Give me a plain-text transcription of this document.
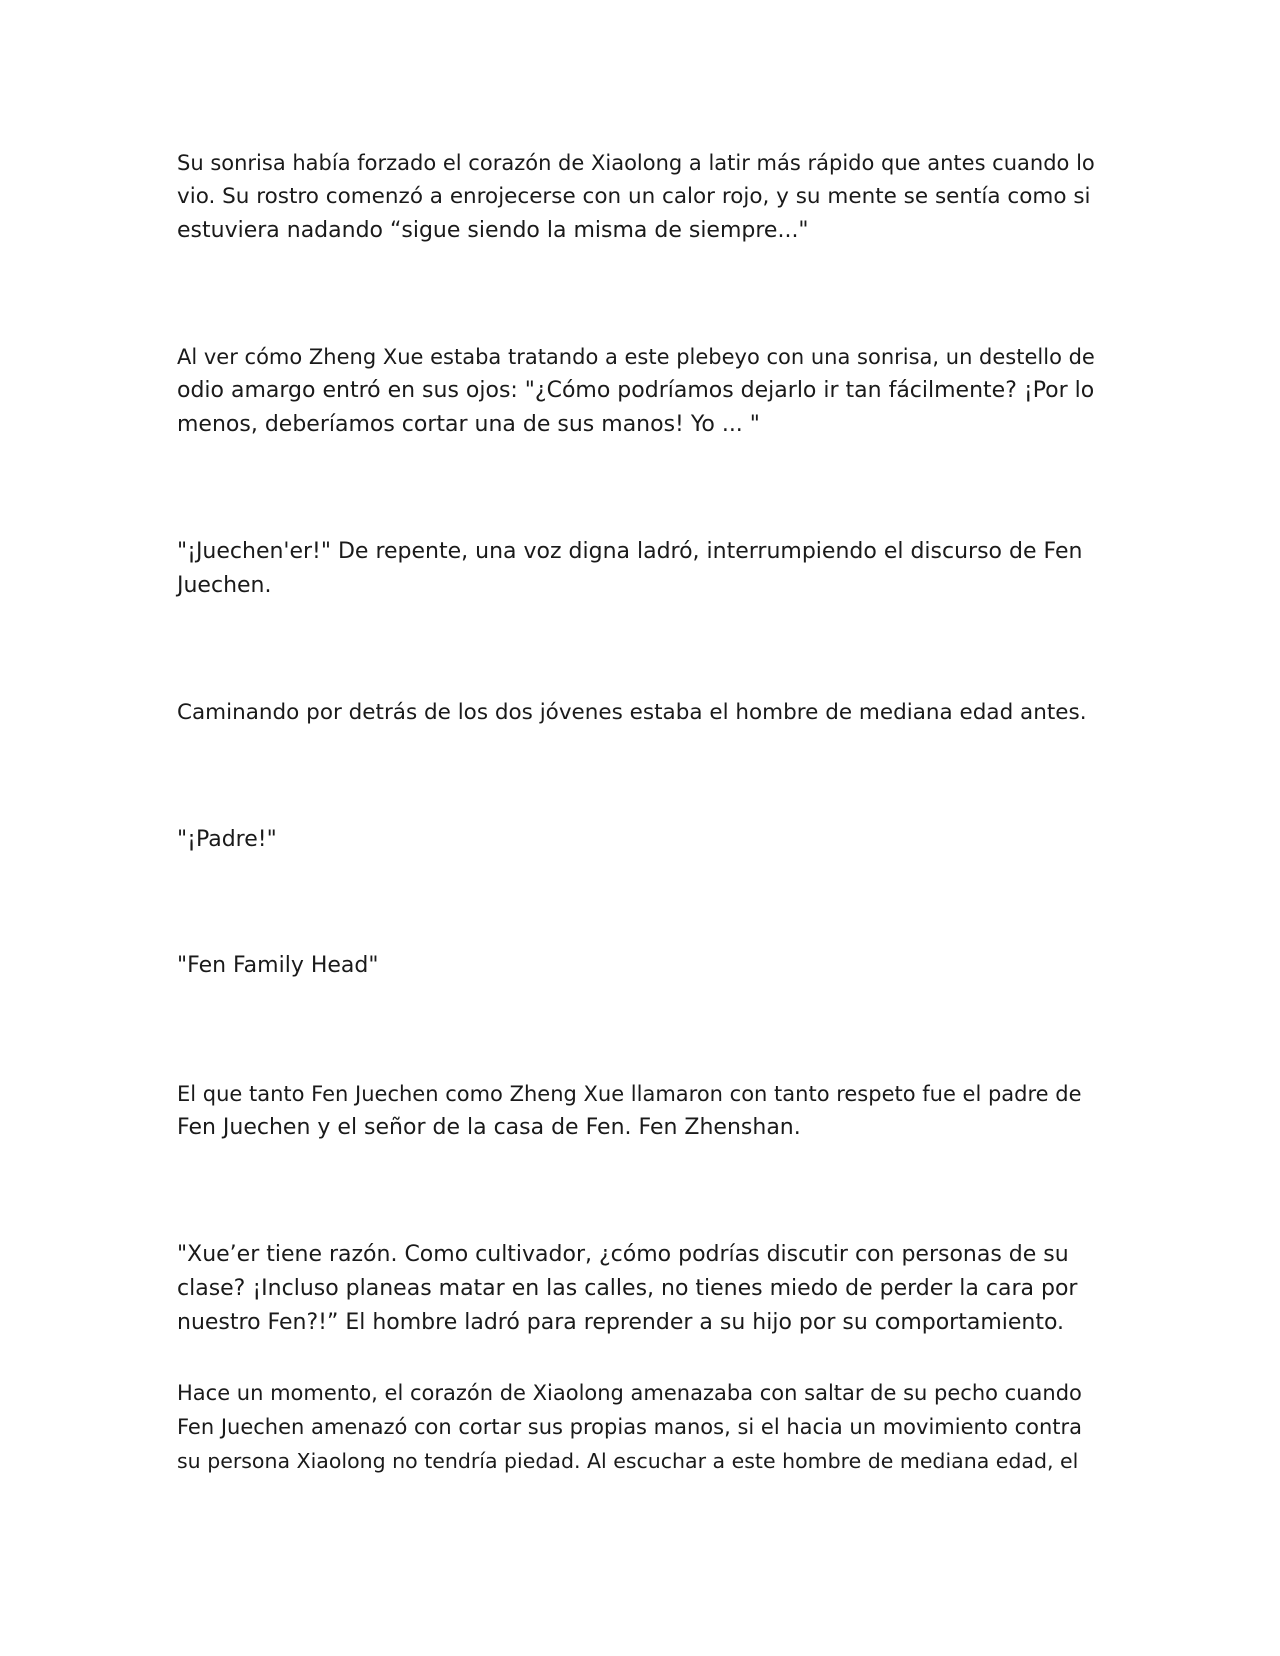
Su sonrisa había forzado el corazón de Xiaolong a latir más rápido que antes cuando lo
vio. Su rostro comenzó a enrojecerse con un calor rojo, y su mente se sentía como si
estuviera nadando “sigue siendo la misma de siempre..."

Al ver cómo Zheng Xue estaba tratando a este plebeyo con una sonrisa, un destello de
odio amargo entró en sus ojos: "¿Cómo podríamos dejarlo ir tan fácilmente? ¡Por lo
menos, deberíamos cortar una de sus manos! Yo ... "

"¡Juechen'er!" De repente, una voz digna ladró, interrumpiendo el discurso de Fen
Juechen.

Caminando por detrás de los dos jóvenes estaba el hombre de mediana edad antes.

"¡Padre!"

"Fen Family Head"

El que tanto Fen Juechen como Zheng Xue llamaron con tanto respeto fue el padre de
Fen Juechen y el señor de la casa de Fen. Fen Zhenshan.

"Xue’er tiene razón. Como cultivador, ¿cómo podrías discutir con personas de su
clase? ¡Incluso planeas matar en las calles, no tienes miedo de perder la cara por
nuestro Fen?!” El hombre ladró para reprender a su hijo por su comportamiento.

Hace un momento, el corazón de Xiaolong amenazaba con saltar de su pecho cuando
Fen Juechen amenazó con cortar sus propias manos, si el hacia un movimiento contra
su persona Xiaolong no tendría piedad. Al escuchar a este hombre de mediana edad, el
